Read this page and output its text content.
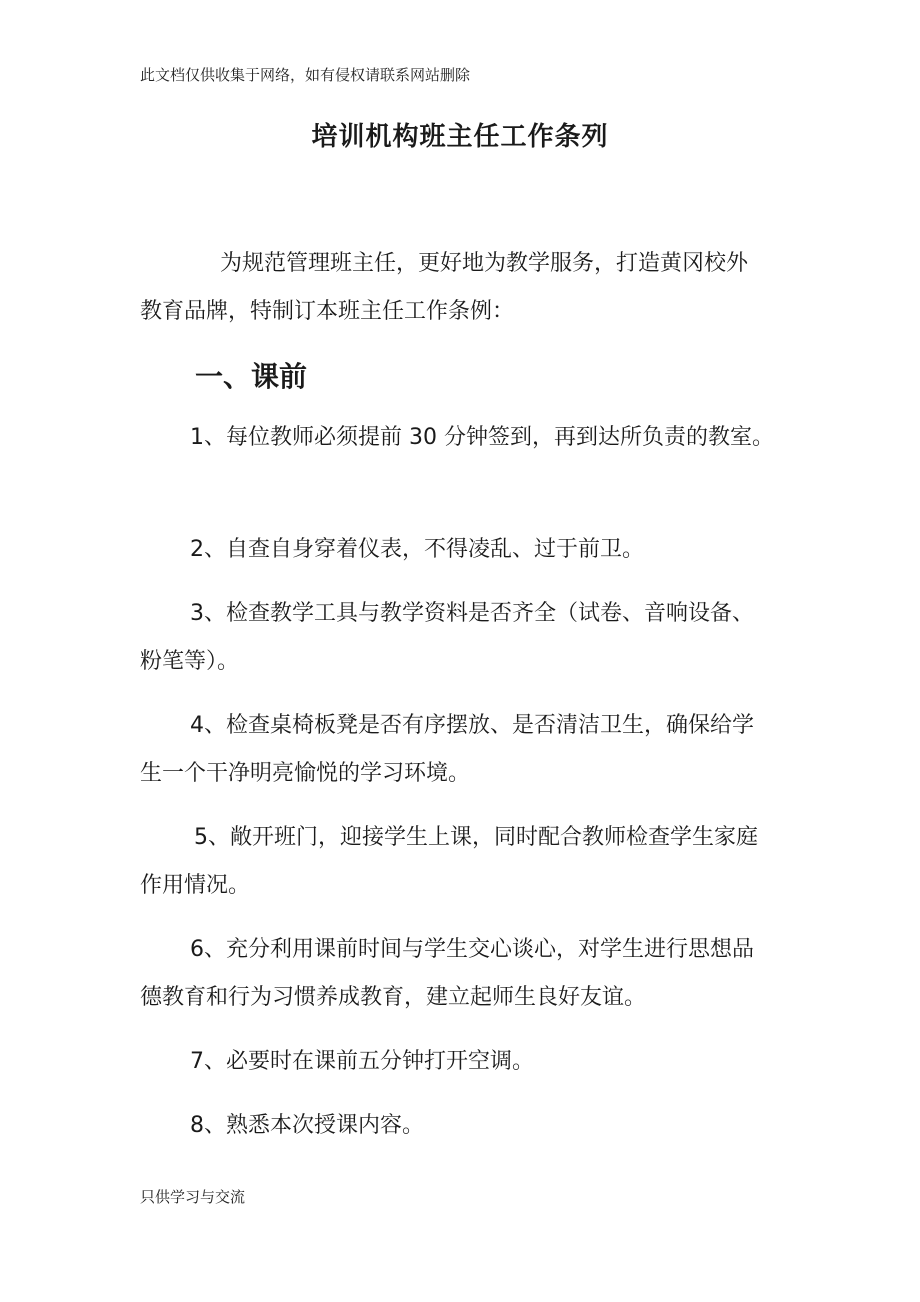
此文档仅供收集于网络，如有侵权请联系网站删除
培训机构班主任工作条列
为规范管理班主任，更好地为教学服务，打造黄冈校外
教育品牌，特制订本班主任工作条例：
一、课前
1、每位教师必须提前 30 分钟签到，再到达所负责的教室。
2、自查自身穿着仪表，不得凌乱、过于前卫。
3、检查教学工具与教学资料是否齐全（试卷、音响设备、
粉笔等）。
4、检查桌椅板凳是否有序摆放、是否清洁卫生，确保给学
生一个干净明亮愉悦的学习环境。
5、敞开班门，迎接学生上课，同时配合教师检查学生家庭
作用情况。
6、充分利用课前时间与学生交心谈心，对学生进行思想品
德教育和行为习惯养成教育，建立起师生良好友谊。
7、必要时在课前五分钟打开空调。
8、熟悉本次授课内容。
只供学习与交流
